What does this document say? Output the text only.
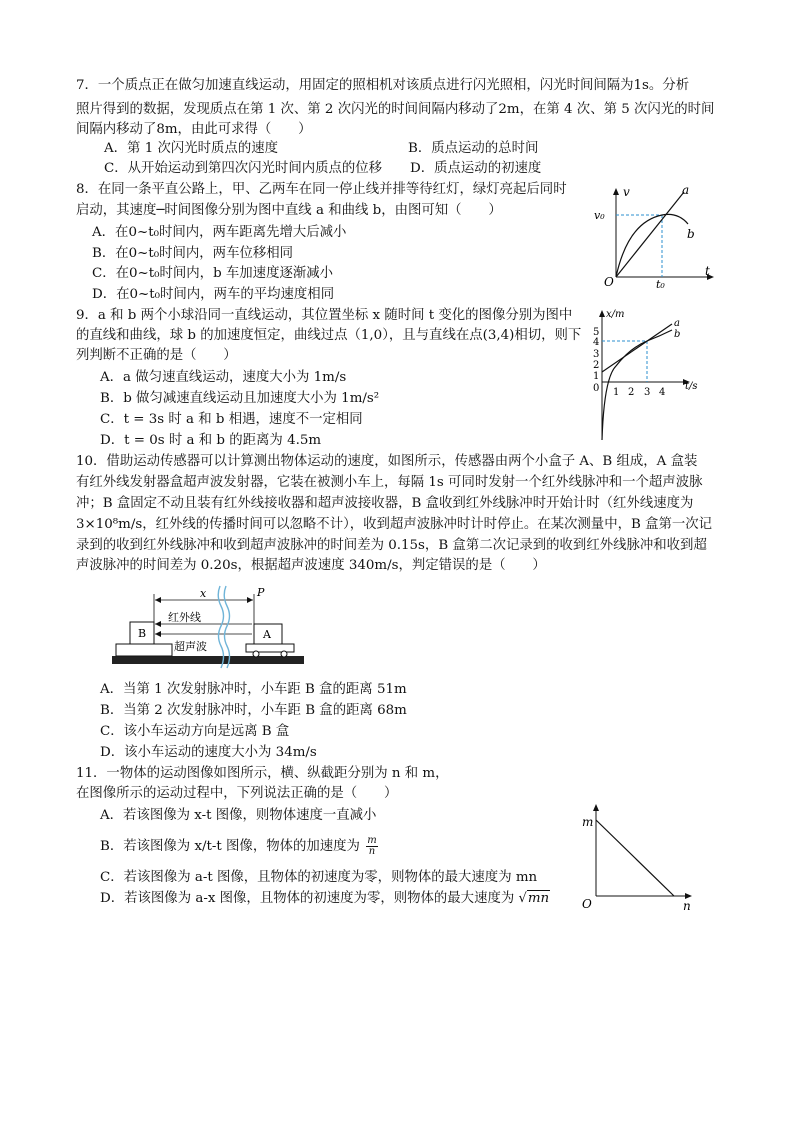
7．一个质点正在做匀加速直线运动，用固定的照相机对该质点进行闪光照相，闪光时间间隔为1s。分析
照片得到的数据，发现质点在第 1 次、第 2 次闪光的时间间隔内移动了2m，在第 4 次、第 5 次闪光的时间
间隔内移动了8m，由此可求得（　　）
A．第 1 次闪光时质点的速度	B．质点运动的总时间
C．从开始运动到第四次闪光时间内质点的位移 D．质点运动的初速度
8．在同一条平直公路上，甲、乙两车在同一停止线并排等待红灯，绿灯亮起后同时
启动，其速度─时间图像分别为图中直线 a 和曲线 b，由图可知（　　）
A．在0~t₀时间内，两车距离先增大后减小
B．在0~t₀时间内，两车位移相同
C．在0~t₀时间内，b 车加速度逐渐减小
D．在0~t₀时间内，两车的平均速度相同
v
t
O
v₀
t₀
a
b
9．a 和 b 两个小球沿同一直线运动，其位置坐标 x 随时间 t 变化的图像分别为图中
的直线和曲线，球 b 的加速度恒定，曲线过点（1,0），且与直线在点(3,4)相切，则下
列判断不正确的是（　　）
A．a 做匀速直线运动，速度大小为 1m/s
B．b 做匀减速直线运动且加速度大小为 1m/s²
C．t = 3s 时 a 和 b 相遇，速度不一定相同
D．t = 0s 时 a 和 b 的距离为 4.5m
x/m
t/s
5
4
3
2
1
0 1 2 3 4
a
b
10．借助运动传感器可以计算测出物体运动的速度，如图所示，传感器由两个小盒子 A、B 组成，A 盒装
有红外线发射器盒超声波发射器，它装在被测小车上，每隔 1s 可同时发射一个红外线脉冲和一个超声波脉
冲；B 盒固定不动且装有红外线接收器和超声波接收器，B 盒收到红外线脉冲时开始计时（红外线速度为
3×10⁸m/s，红外线的传播时间可以忽略不计），收到超声波脉冲时计时停止。在某次测量中，B 盒第一次记
录到的收到红外线脉冲和收到超声波脉冲的时间差为 0.15s，B 盒第二次记录到的收到红外线脉冲和收到超
声波脉冲的时间差为 0.20s，根据超声波速度 340m/s，判定错误的是（　　）
B	A
x	P
红外线
超声波
A．当第 1 次发射脉冲时，小车距 B 盒的距离 51m
B．当第 2 次发射脉冲时，小车距 B 盒的距离 68m
C．该小车运动方向是远离 B 盒
D．该小车运动的速度大小为 34m/s
11．一物体的运动图像如图所示，横、纵截距分别为 n 和 m，
在图像所示的运动过程中，下列说法正确的是（　　）
A．若该图像为 x-t 图像，则物体速度一直减小
B．若该图像为 x/t-t 图像，物体的加速度为 $\frac{m}{n}$
C．若该图像为 a-t 图像，且物体的初速度为零，则物体的最大速度为 mn
D．若该图像为 a-x 图像，且物体的初速度为零，则物体的最大速度为 √mn
m
n
O
